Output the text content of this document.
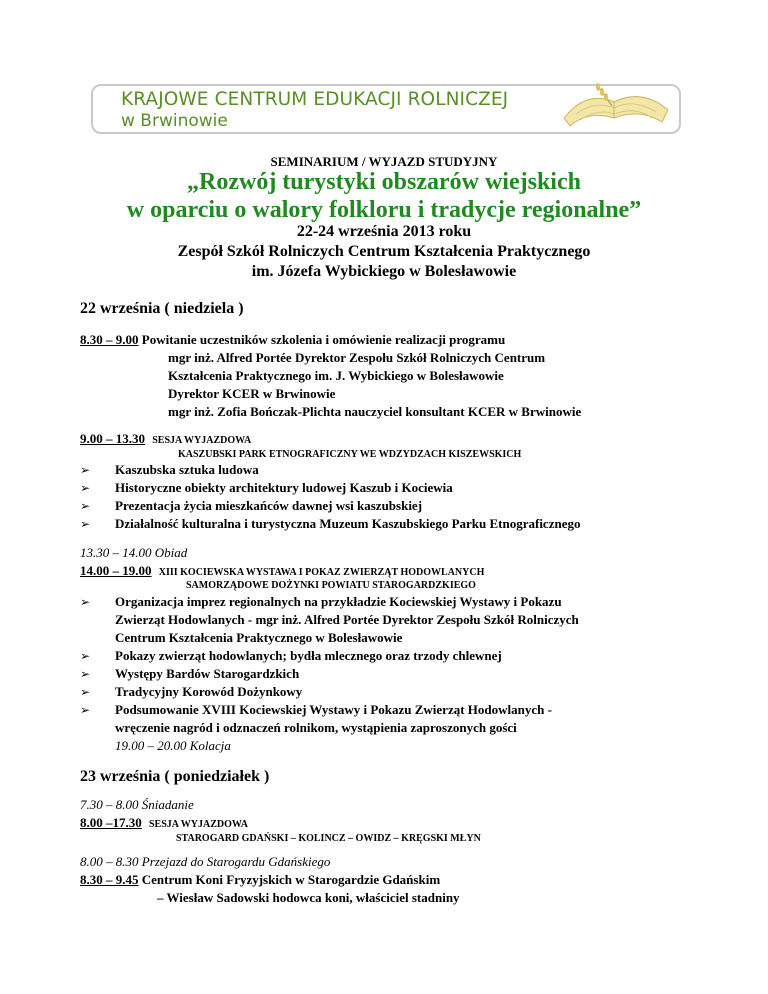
KRAJOWE CENTRUM EDUKACJI ROLNICZEJ
w Brwinowie
SEMINARIUM / WYJAZD STUDYJNY
„Rozwój turystyki obszarów wiejskich
w oparciu o walory folkloru i tradycje regionalne”
22-24 września 2013 roku
Zespół Szkół Rolniczych Centrum Kształcenia Praktycznego
im. Józefa Wybickiego w Bolesławowie
22 września ( niedziela )
8.30 – 9.00 Powitanie uczestników szkolenia i omówienie realizacji programu
mgr inż. Alfred Portée Dyrektor Zespołu Szkół Rolniczych Centrum
Kształcenia Praktycznego im. J. Wybickiego w Bolesławowie
Dyrektor KCER w Brwinowie
mgr inż. Zofia Bończak-Plichta nauczyciel konsultant KCER w Brwinowie
9.00 – 13.30 SESJA WYJAZDOWA
KASZUBSKI PARK ETNOGRAFICZNY WE WDZYDZACH KISZEWSKICH
➢ Kaszubska sztuka ludowa
➢ Historyczne obiekty architektury ludowej Kaszub i Kociewia
➢ Prezentacja życia mieszkańców dawnej wsi kaszubskiej
➢ Działalność kulturalna i turystyczna Muzeum Kaszubskiego Parku Etnograficznego
13.30 – 14.00 Obiad
14.00 – 19.00 XIII KOCIEWSKA WYSTAWA I POKAZ ZWIERZĄT HODOWLANYCH
SAMORZĄDOWE DOŻYNKI POWIATU STAROGARDZKIEGO
➢ Organizacja imprez regionalnych na przykładzie Kociewskiej Wystawy i Pokazu
Zwierząt Hodowlanych - mgr inż. Alfred Portée Dyrektor Zespołu Szkół Rolniczych
Centrum Kształcenia Praktycznego w Bolesławowie
➢ Pokazy zwierząt hodowlanych; bydła mlecznego oraz trzody chlewnej
➢ Występy Bardów Starogardzkich
➢ Tradycyjny Korowód Dożynkowy
➢ Podsumowanie XVIII Kociewskiej Wystawy i Pokazu Zwierząt Hodowlanych -
wręczenie nagród i odznaczeń rolnikom, wystąpienia zaproszonych gości
19.00 – 20.00 Kolacja
23 września ( poniedziałek )
7.30 – 8.00 Śniadanie
8.00 –17.30 SESJA WYJAZDOWA
STAROGARD GDAŃSKI – KOLINCZ – OWIDZ – KRĘGSKI MŁYN
8.00 – 8.30 Przejazd do Starogardu Gdańskiego
8.30 – 9.45 Centrum Koni Fryzyjskich w Starogardzie Gdańskim
– Wiesław Sadowski hodowca koni, właściciel stadniny
